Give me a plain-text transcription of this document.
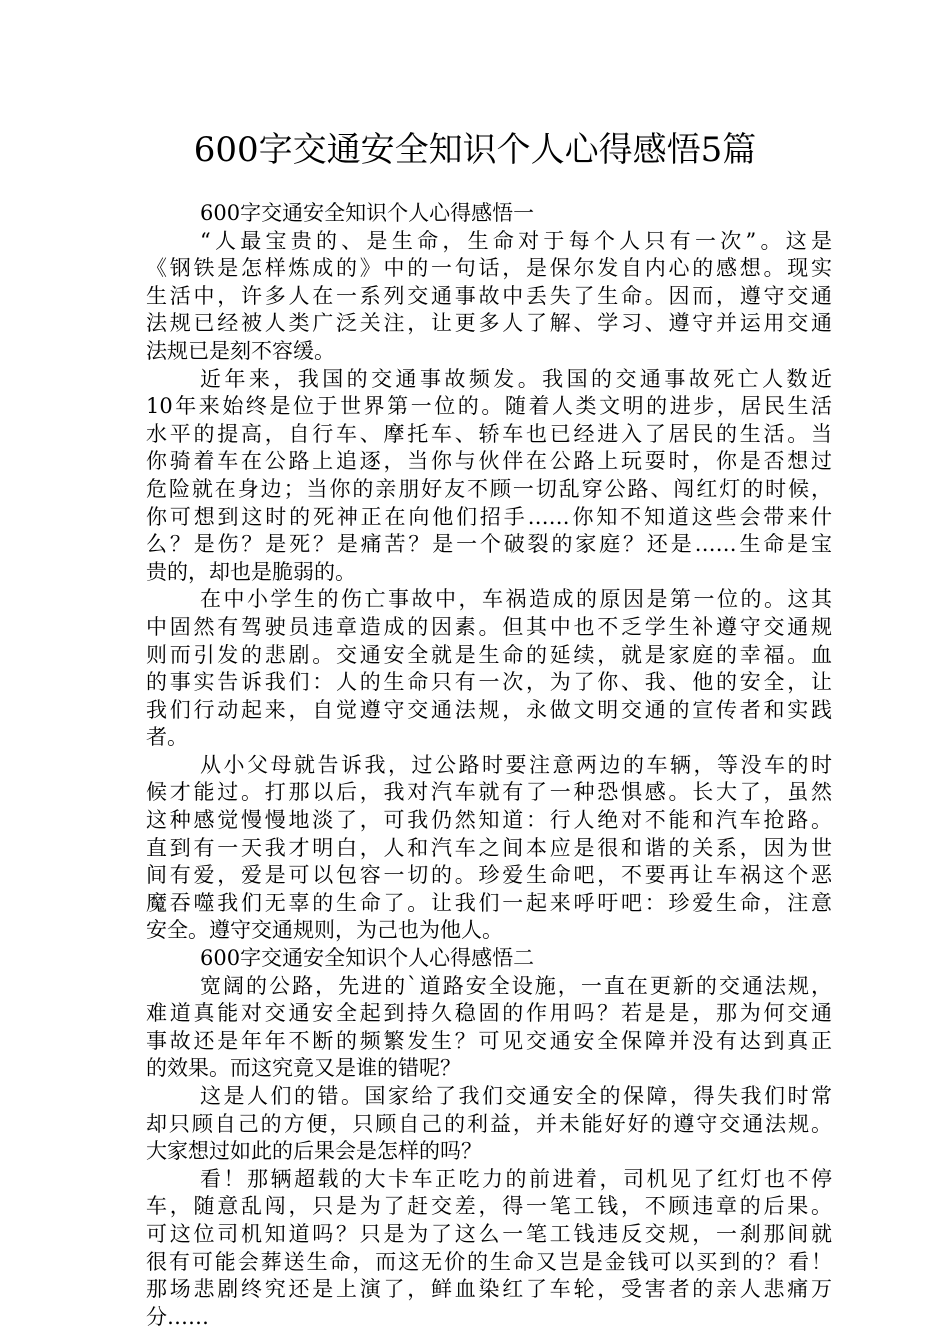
600字交通安全知识个人心得感悟5篇
600字交通安全知识个人心得感悟一
“人最宝贵的、是生命，生命对于每个人只有一次”。这是
《钢铁是怎样炼成的》中的一句话，是保尔发自内心的感想。现实
生活中，许多人在一系列交通事故中丢失了生命。因而，遵守交通
法规已经被人类广泛关注，让更多人了解、学习、遵守并运用交通
法规已是刻不容缓。
近年来，我国的交通事故频发。我国的交通事故死亡人数近
10年来始终是位于世界第一位的。随着人类文明的进步，居民生活
水平的提高，自行车、摩托车、轿车也已经进入了居民的生活。当
你骑着车在公路上追逐，当你与伙伴在公路上玩耍时，你是否想过
危险就在身边；当你的亲朋好友不顾一切乱穿公路、闯红灯的时候，
你可想到这时的死神正在向他们招手……你知不知道这些会带来什
么？是伤？是死？是痛苦？是一个破裂的家庭？还是……生命是宝
贵的，却也是脆弱的。
在中小学生的伤亡事故中，车祸造成的原因是第一位的。这其
中固然有驾驶员违章造成的因素。但其中也不乏学生补遵守交通规
则而引发的悲剧。交通安全就是生命的延续，就是家庭的幸福。血
的事实告诉我们：人的生命只有一次，为了你、我、他的安全，让
我们行动起来，自觉遵守交通法规，永做文明交通的宣传者和实践
者。
从小父母就告诉我，过公路时要注意两边的车辆，等没车的时
候才能过。打那以后，我对汽车就有了一种恐惧感。长大了，虽然
这种感觉慢慢地淡了，可我仍然知道：行人绝对不能和汽车抢路。
直到有一天我才明白，人和汽车之间本应是很和谐的关系，因为世
间有爱，爱是可以包容一切的。珍爱生命吧，不要再让车祸这个恶
魔吞噬我们无辜的生命了。让我们一起来呼吁吧：珍爱生命，注意
安全。遵守交通规则，为己也为他人。
600字交通安全知识个人心得感悟二
宽阔的公路，先进的`道路安全设施，一直在更新的交通法规，
难道真能对交通安全起到持久稳固的作用吗？若是是，那为何交通
事故还是年年不断的频繁发生？可见交通安全保障并没有达到真正
的效果。而这究竟又是谁的错呢？
这是人们的错。国家给了我们交通安全的保障，得失我们时常
却只顾自己的方便，只顾自己的利益，并未能好好的遵守交通法规。
大家想过如此的后果会是怎样的吗？
看！那辆超载的大卡车正吃力的前进着，司机见了红灯也不停
车，随意乱闯，只是为了赶交差，得一笔工钱，不顾违章的后果。
可这位司机知道吗？只是为了这么一笔工钱违反交规，一刹那间就
很有可能会葬送生命，而这无价的生命又岂是金钱可以买到的？看！
那场悲剧终究还是上演了，鲜血染红了车轮，受害者的亲人悲痛万
分……
